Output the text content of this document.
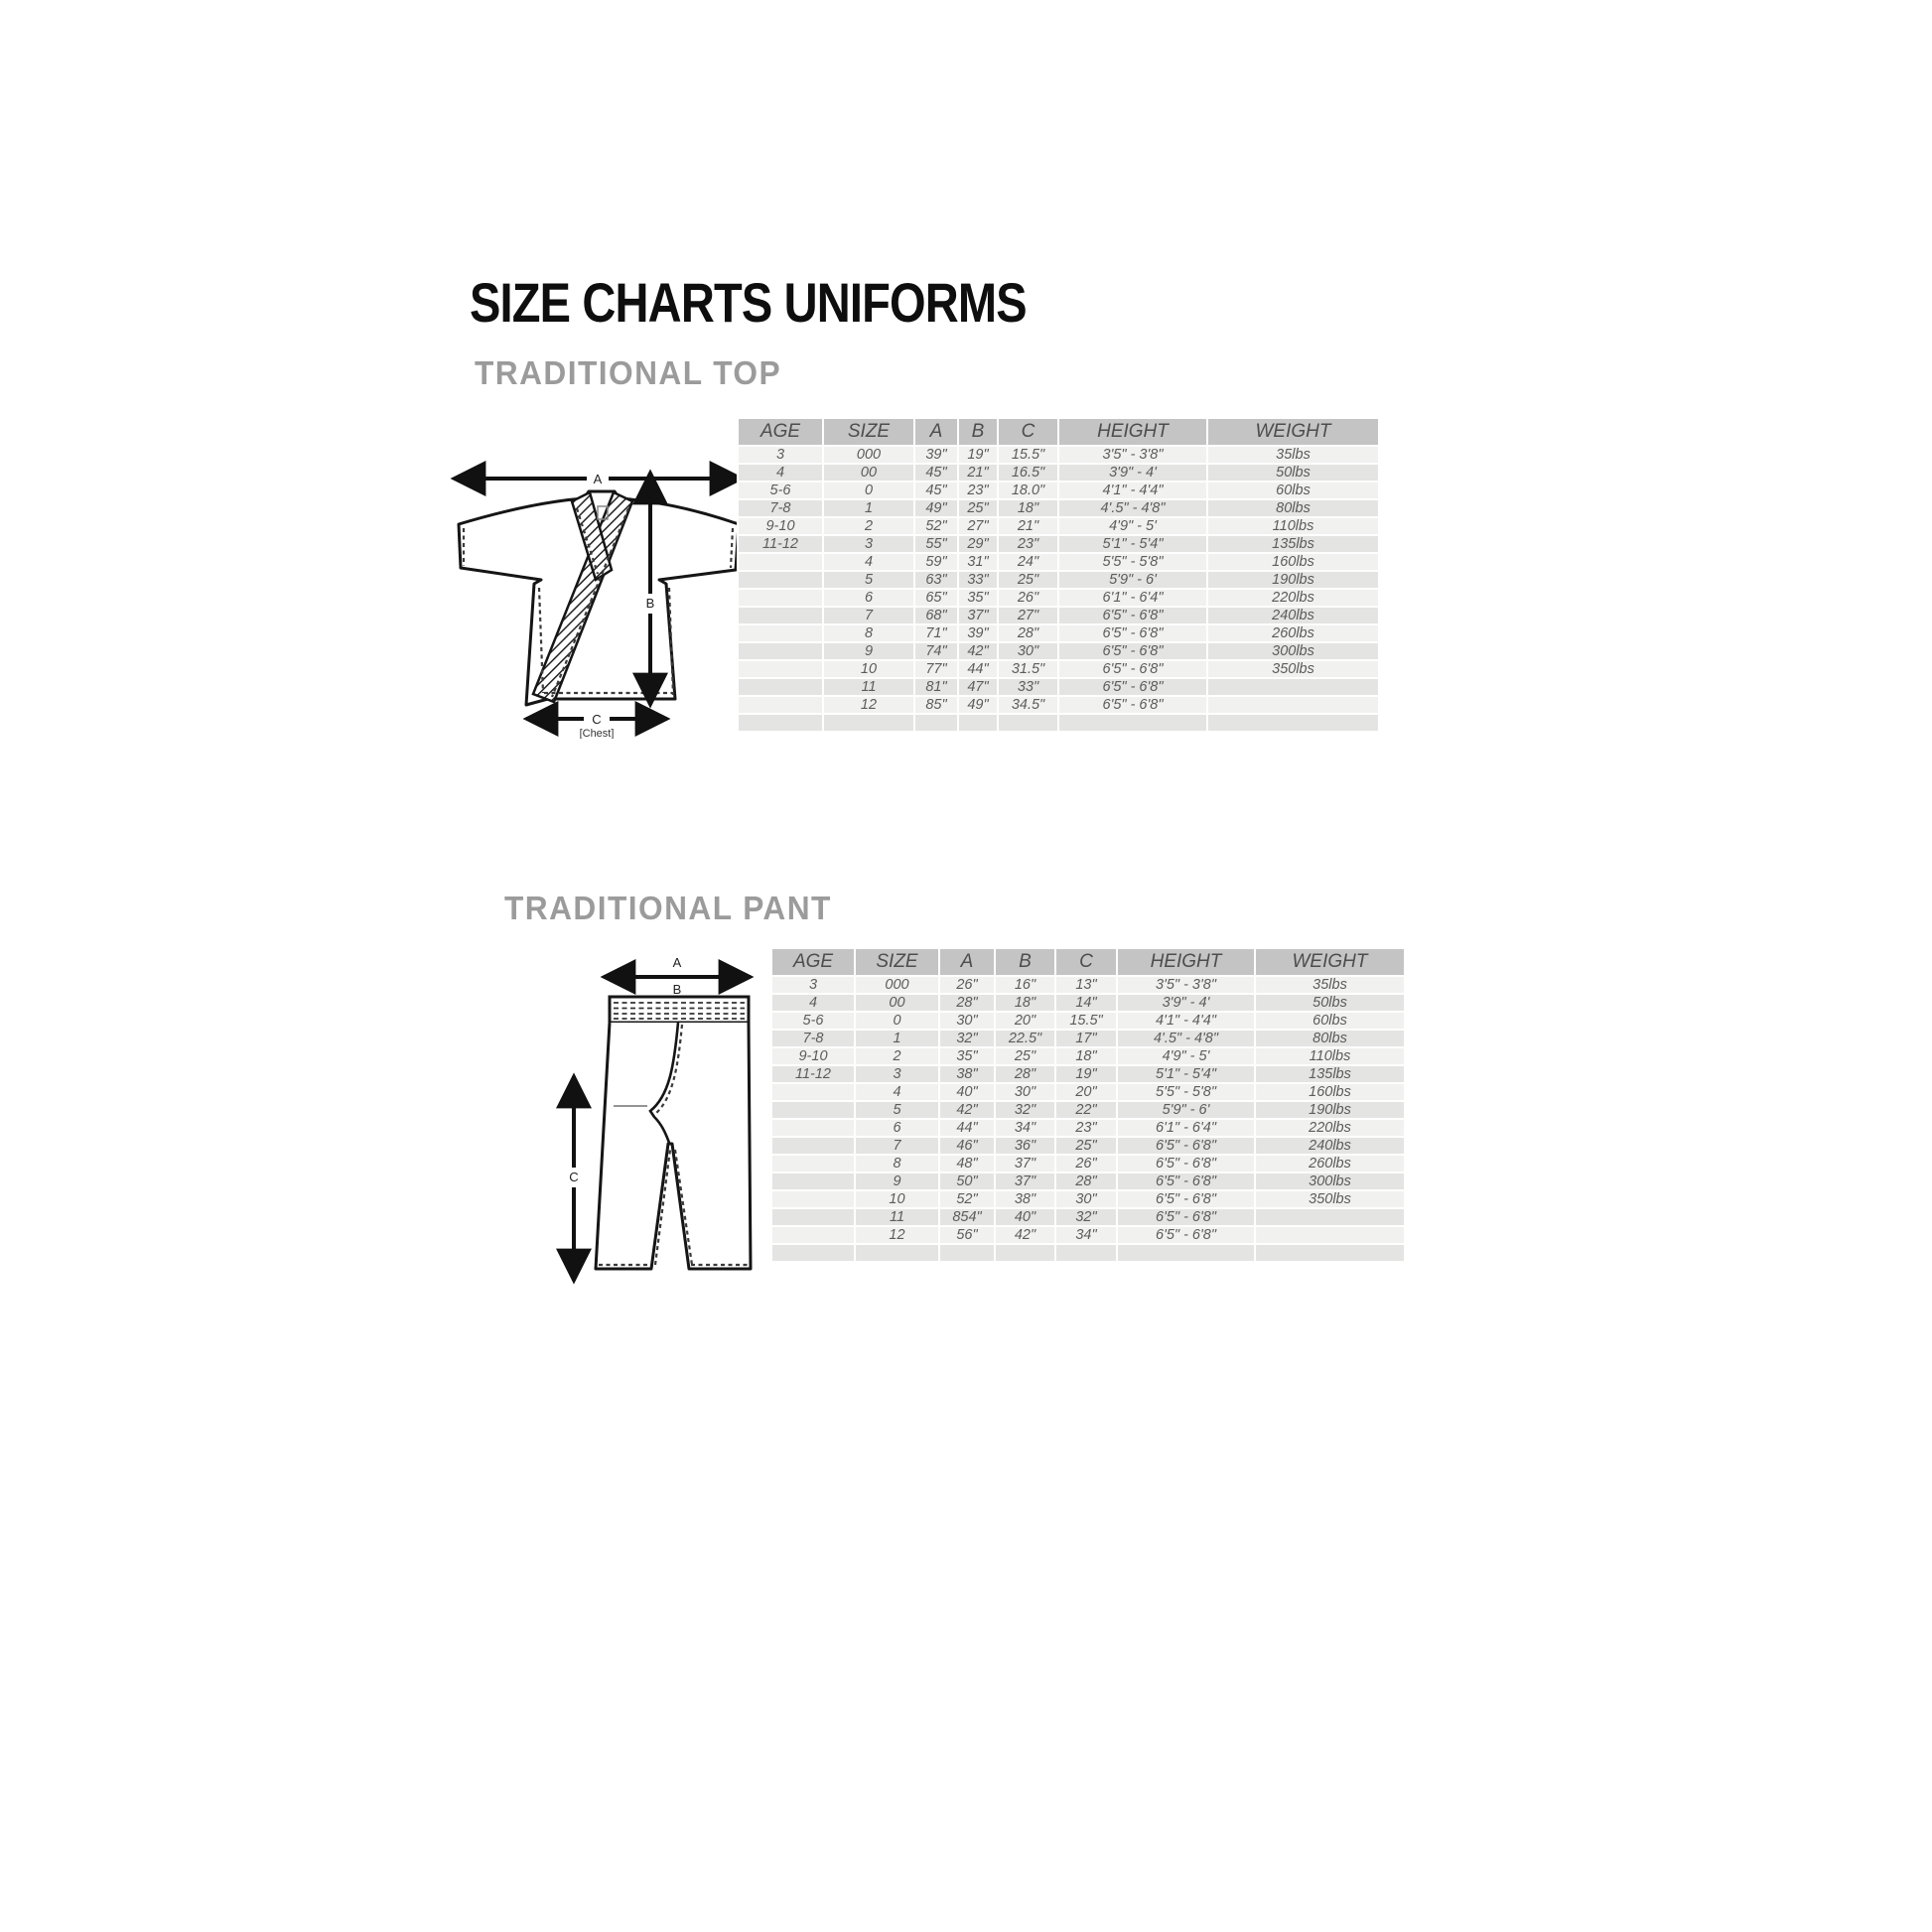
SIZE CHARTS UNIFORMS
TRADITIONAL TOP
A
B
C
[Chest]
AGE	SIZE	A	B	C	HEIGHT	WEIGHT
3	000	39"	19"	15.5"	3'5" - 3'8"	35lbs
4	00	45"	21"	16.5"	3'9" - 4'	50lbs
5-6	0	45"	23"	18.0"	4'1" - 4'4"	60lbs
7-8	1	49"	25"	18"	4'.5" - 4'8"	80lbs
9-10	2	52"	27"	21"	4'9" - 5'	110lbs
11-12	3	55"	29"	23"	5'1" - 5'4"	135lbs
	4	59"	31"	24"	5'5" - 5'8"	160lbs
	5	63"	33"	25"	5'9" - 6'	190lbs
	6	65"	35"	26"	6'1" - 6'4"	220lbs
	7	68"	37"	27"	6'5" - 6'8"	240lbs
	8	71"	39"	28"	6'5" - 6'8"	260lbs
	9	74"	42"	30"	6'5" - 6'8"	300lbs
	10	77"	44"	31.5"	6'5" - 6'8"	350lbs
	11	81"	47"	33"	6'5" - 6'8"	
	12	85"	49"	34.5"	6'5" - 6'8"	

TRADITIONAL PANT
A
B
C
AGE	SIZE	A	B	C	HEIGHT	WEIGHT
3	000	26"	16"	13"	3'5" - 3'8"	35lbs
4	00	28"	18"	14"	3'9" - 4'	50lbs
5-6	0	30"	20"	15.5"	4'1" - 4'4"	60lbs
7-8	1	32"	22.5"	17"	4'.5" - 4'8"	80lbs
9-10	2	35"	25"	18"	4'9" - 5'	110lbs
11-12	3	38"	28"	19"	5'1" - 5'4"	135lbs
	4	40"	30"	20"	5'5" - 5'8"	160lbs
	5	42"	32"	22"	5'9" - 6'	190lbs
	6	44"	34"	23"	6'1" - 6'4"	220lbs
	7	46"	36"	25"	6'5" - 6'8"	240lbs
	8	48"	37"	26"	6'5" - 6'8"	260lbs
	9	50"	37"	28"	6'5" - 6'8"	300lbs
	10	52"	38"	30"	6'5" - 6'8"	350lbs
	11	854"	40"	32"	6'5" - 6'8"	
	12	56"	42"	34"	6'5" - 6'8"	
